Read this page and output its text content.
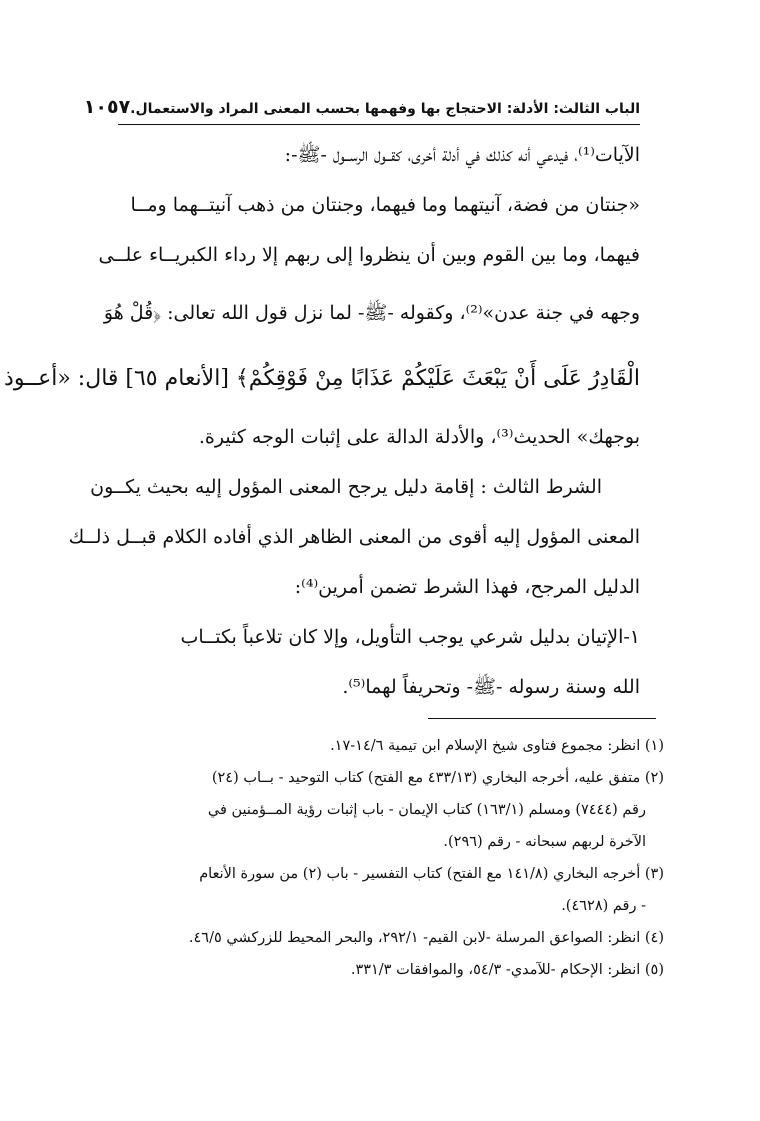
الباب الثالث: الأدلة: الاحتجاج بها وفهمها بحسب المعنى المراد والاستعمال.
١٠٥٧
الآيات⁽¹⁾، فيدعي أنه كذلك في أدلة أخرى، كقــول الرســول -ﷺ-:
«جنتان من فضة، آنيتهما وما فيهما، وجنتان من ذهب آنيتــهما ومــا
فيهما، وما بين القوم وبين أن ينظروا إلى ربهم إلا رداء الكبريــاء علــى
وجهه في جنة عدن»⁽²⁾، وكقوله -ﷺ- لما نزل قول الله تعالى: ﴿قُلْ هُوَ
الْقَادِرُ عَلَى أَنْ يَبْعَثَ عَلَيْكُمْ عَذَابًا مِنْ فَوْقِكُمْ﴾ [الأنعام ٦٥] قال: «أعــوذ
بوجهك» الحديث⁽³⁾، والأدلة الدالة على إثبات الوجه كثيرة.
الشرط الثالث : إقامة دليل يرجح المعنى المؤول إليه بحيث يكــون
المعنى المؤول إليه أقوى من المعنى الظاهر الذي أفاده الكلام قبــل ذلــك
الدليل المرجح، فهذا الشرط تضمن أمرين⁽⁴⁾:
١-الإتيان بدليل شرعي يوجب التأويل، وإلا كان تلاعباً بكتــاب
الله وسنة رسوله -ﷺ- وتحريفاً لهما⁽⁵⁾.
(١) انظر: مجموع فتاوى شيخ الإسلام ابن تيمية ١٤/٦-١٧.
(٢) متفق عليه، أخرجه البخاري (٤٣٣/١٣ مع الفتح) كتاب التوحيد - بــاب (٢٤)
رقم (٧٤٤٤) ومسلم (١٦٣/١) كتاب الإيمان - باب إثبات رؤية المــؤمنين في
الآخرة لربهم سبحانه - رقم (٢٩٦).
(٣) أخرجه البخاري (١٤١/٨ مع الفتح) كتاب التفسير - باب (٢) من سورة الأنعام
- رقم (٤٦٢٨).
(٤) انظر: الصواعق المرسلة -لابن القيم- ٢٩٢/١، والبحر المحيط للزركشي ٤٦/٥.
(٥) انظر: الإحكام -للآمدي- ٥٤/٣، والموافقات ٣٣١/٣.
